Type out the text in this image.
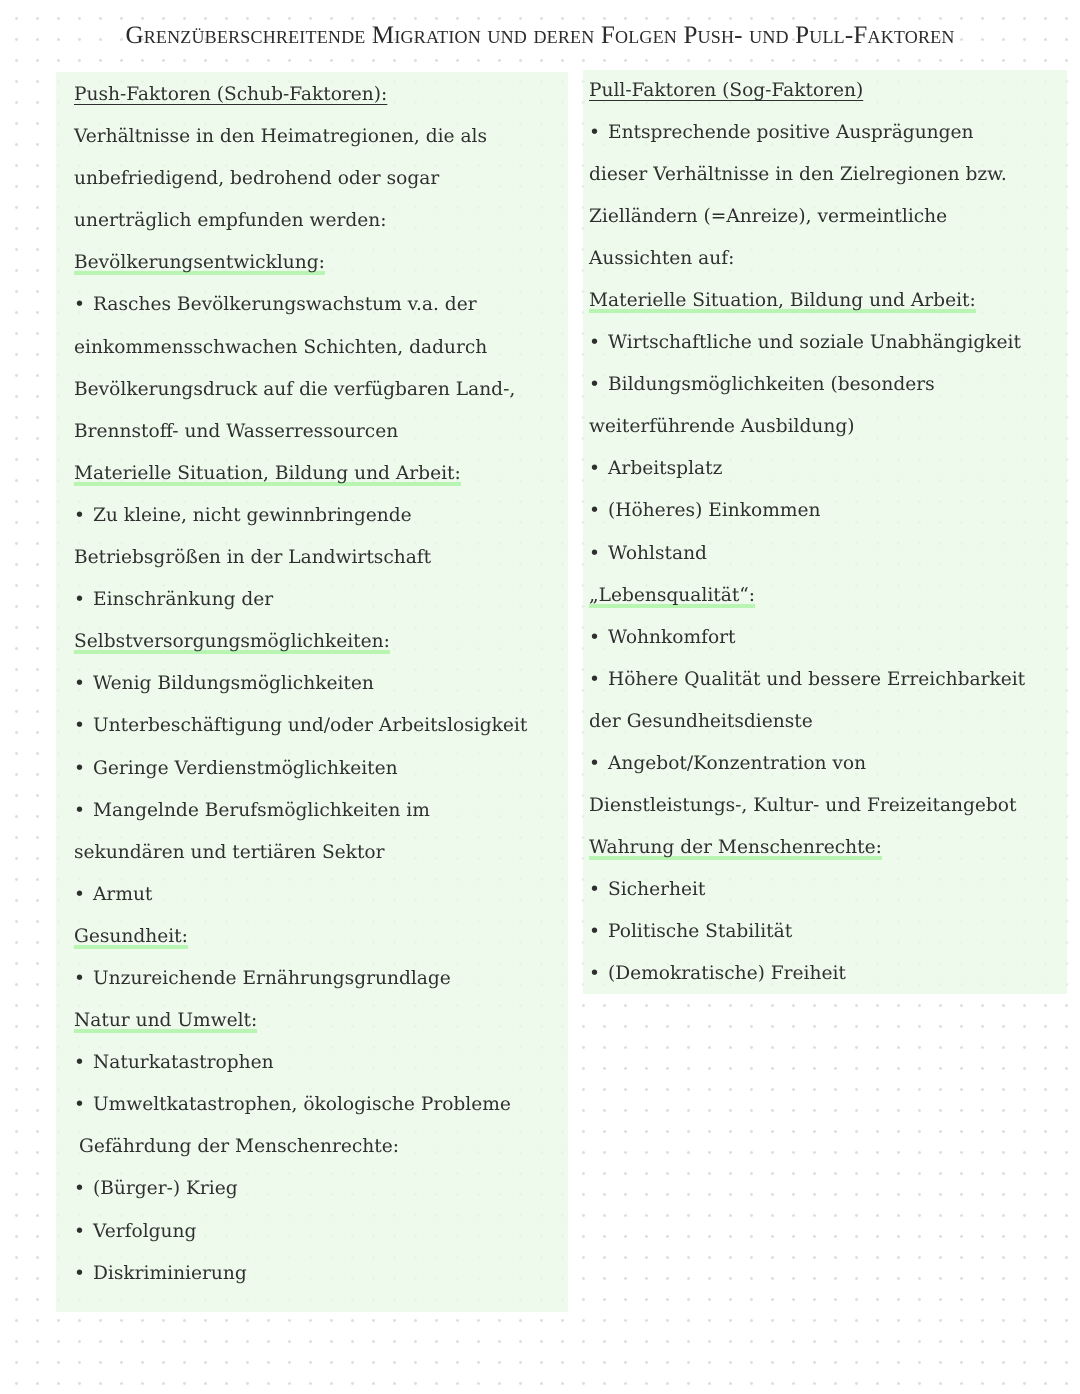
Grenzüberschreitende Migration und deren Folgen Push- und Pull-Faktoren
Push-Faktoren (Schub-Faktoren):
Verhältnisse in den Heimatregionen, die als
unbefriedigend, bedrohend oder sogar
unerträglich empfunden werden:
Bevölkerungsentwicklung:
• Rasches Bevölkerungswachstum v.a. der
einkommensschwachen Schichten, dadurch
Bevölkerungsdruck auf die verfügbaren Land-,
Brennstoff- und Wasserressourcen
Materielle Situation, Bildung und Arbeit:
• Zu kleine, nicht gewinnbringende
Betriebsgrößen in der Landwirtschaft
• Einschränkung der
Selbstversorgungsmöglichkeiten:
• Wenig Bildungsmöglichkeiten
• Unterbeschäftigung und/oder Arbeitslosigkeit
• Geringe Verdienstmöglichkeiten
• Mangelnde Berufsmöglichkeiten im
sekundären und tertiären Sektor
• Armut
Gesundheit:
• Unzureichende Ernährungsgrundlage
Natur und Umwelt:
• Naturkatastrophen
• Umweltkatastrophen, ökologische Probleme
Gefährdung der Menschenrechte:
• (Bürger-) Krieg
• Verfolgung
• Diskriminierung
Pull-Faktoren (Sog-Faktoren)
• Entsprechende positive Ausprägungen
dieser Verhältnisse in den Zielregionen bzw.
Zielländern (=Anreize), vermeintliche
Aussichten auf:
Materielle Situation, Bildung und Arbeit:
• Wirtschaftliche und soziale Unabhängigkeit
• Bildungsmöglichkeiten (besonders
weiterführende Ausbildung)
• Arbeitsplatz
• (Höheres) Einkommen
• Wohlstand
„Lebensqualität“:
• Wohnkomfort
• Höhere Qualität und bessere Erreichbarkeit
der Gesundheitsdienste
• Angebot/Konzentration von
Dienstleistungs-, Kultur- und Freizeitangebot
Wahrung der Menschenrechte:
• Sicherheit
• Politische Stabilität
• (Demokratische) Freiheit
